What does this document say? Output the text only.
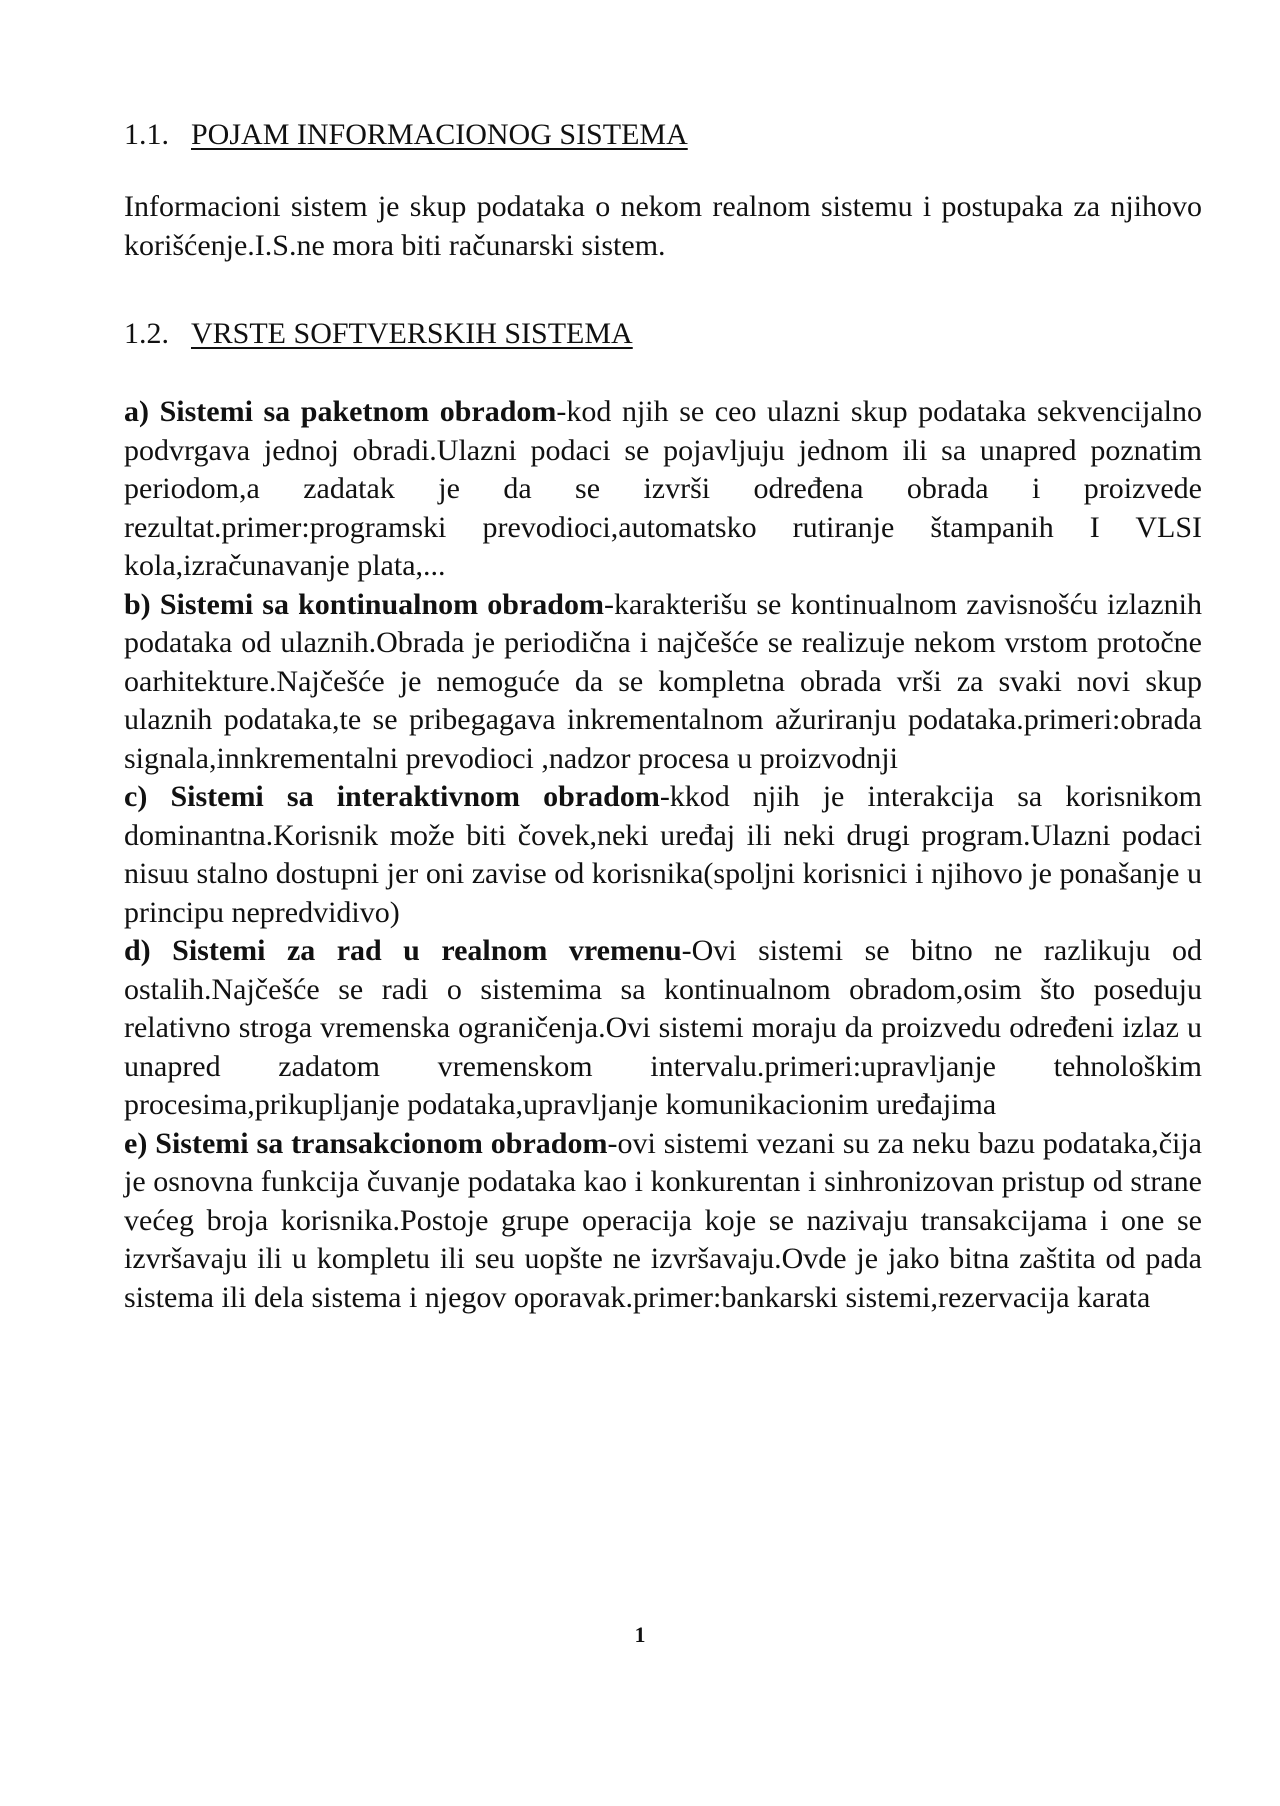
1.1. POJAM INFORMACIONOG SISTEMA

Informacioni sistem je skup podataka o nekom realnom sistemu i postupaka za njihovo korišćenje.I.S.ne mora biti računarski sistem.

1.2. VRSTE SOFTVERSKIH SISTEMA

a) Sistemi sa paketnom obradom-kod njih se ceo ulazni skup podataka sekvencijalno podvrgava jednoj obradi.Ulazni podaci se pojavljuju jednom ili sa unapred poznatim periodom,a zadatak je da se izvrši određena obrada i proizvede rezultat.primer:programski prevodioci,automatsko rutiranje štampanih I VLSI kola,izračunavanje plata,...

b) Sistemi sa kontinualnom obradom-karakterišu se kontinualnom zavisnošću izlaznih podataka od ulaznih.Obrada je periodična i najčešće se realizuje nekom vrstom protočne oarhitekture.Najčešće je nemoguće da se kompletna obrada vrši za svaki novi skup ulaznih podataka,te se pribegagava inkrementalnom ažuriranju podataka.primeri:obrada signala,innkrementalni prevodioci ,nadzor procesa u proizvodnji

c) Sistemi sa interaktivnom obradom-kkod njih je interakcija sa korisnikom dominantna.Korisnik može biti čovek,neki uređaj ili neki drugi program.Ulazni podaci nisuu stalno dostupni jer oni zavise od korisnika(spoljni korisnici i njihovo je ponašanje u principu nepredvidivo)

d) Sistemi za rad u realnom vremenu-Ovi sistemi se bitno ne razlikuju od ostalih.Najčešće se radi o sistemima sa kontinualnom obradom,osim što poseduju relativno stroga vremenska ograničenja.Ovi sistemi moraju da proizvedu određeni izlaz u unapred zadatom vremenskom intervalu.primeri:upravljanje tehnološkim procesima,prikupljanje podataka,upravljanje komunikacionim uređajima

e) Sistemi sa transakcionom obradom-ovi sistemi vezani su za neku bazu podataka,čija je osnovna funkcija čuvanje podataka kao i konkurentan i sinhronizovan pristup od strane većeg broja korisnika.Postoje grupe operacija koje se nazivaju transakcijama i one se izvršavaju ili u kompletu ili seu uopšte ne izvršavaju.Ovde je jako bitna zaštita od pada sistema ili dela sistema i njegov oporavak.primer:bankarski sistemi,rezervacija karata

1
